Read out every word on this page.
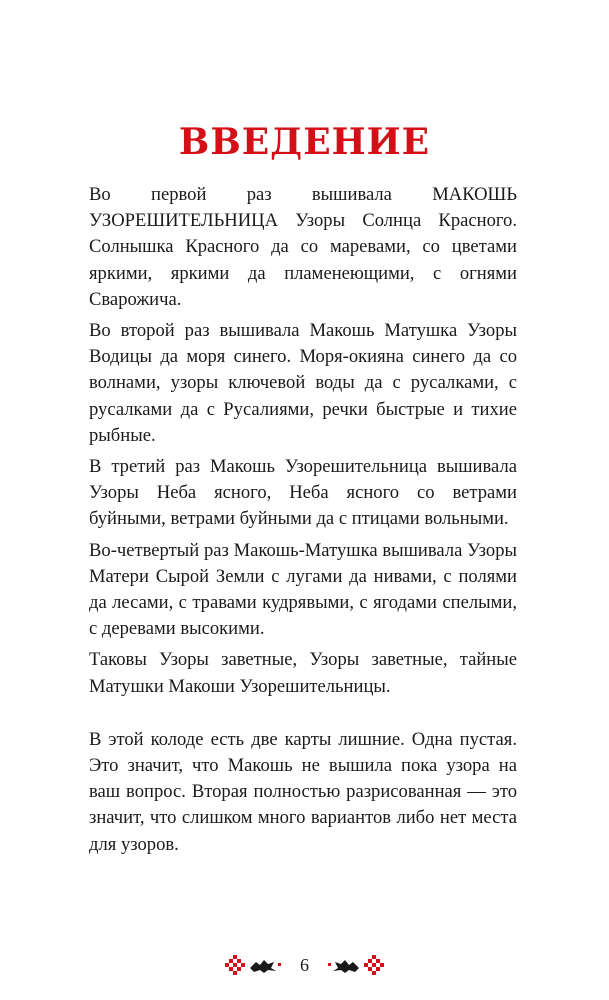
ВВЕДЕНИЕ

Во первой раз вышивала МАКОШЬ УЗОРЕШИТЕЛЬНИЦА Узоры Солнца Красного. Солнышка Красного да со маревами, со цветами яркими, яркими да пламенеющими, с огнями Сварожича.

Во второй раз вышивала Макошь Матушка Узоры Водицы да моря синего. Моря-окияна синего да со волнами, узоры ключевой воды да с русалками, с русалками да с Русалиями, речки быстрые и тихие рыбные.

В третий раз Макошь Узорешительница вышивала Узоры Неба ясного, Неба ясного со ветрами буйными, ветрами буйными да с птицами вольными.

Во-четвертый раз Макошь-Матушка вышивала Узоры Матери Сырой Земли с лугами да нивами, с полями да лесами, с травами кудрявыми, с ягодами спелыми, с деревами высокими.

Таковы Узоры заветные, Узоры заветные, тайные Матушки Макоши Узорешительницы.

В этой колоде есть две карты лишние. Одна пустая. Это значит, что Макошь не вышила пока узора на ваш вопрос. Вторая полностью разрисованная — это значит, что слишком много вариантов либо нет места для узоров.

6
